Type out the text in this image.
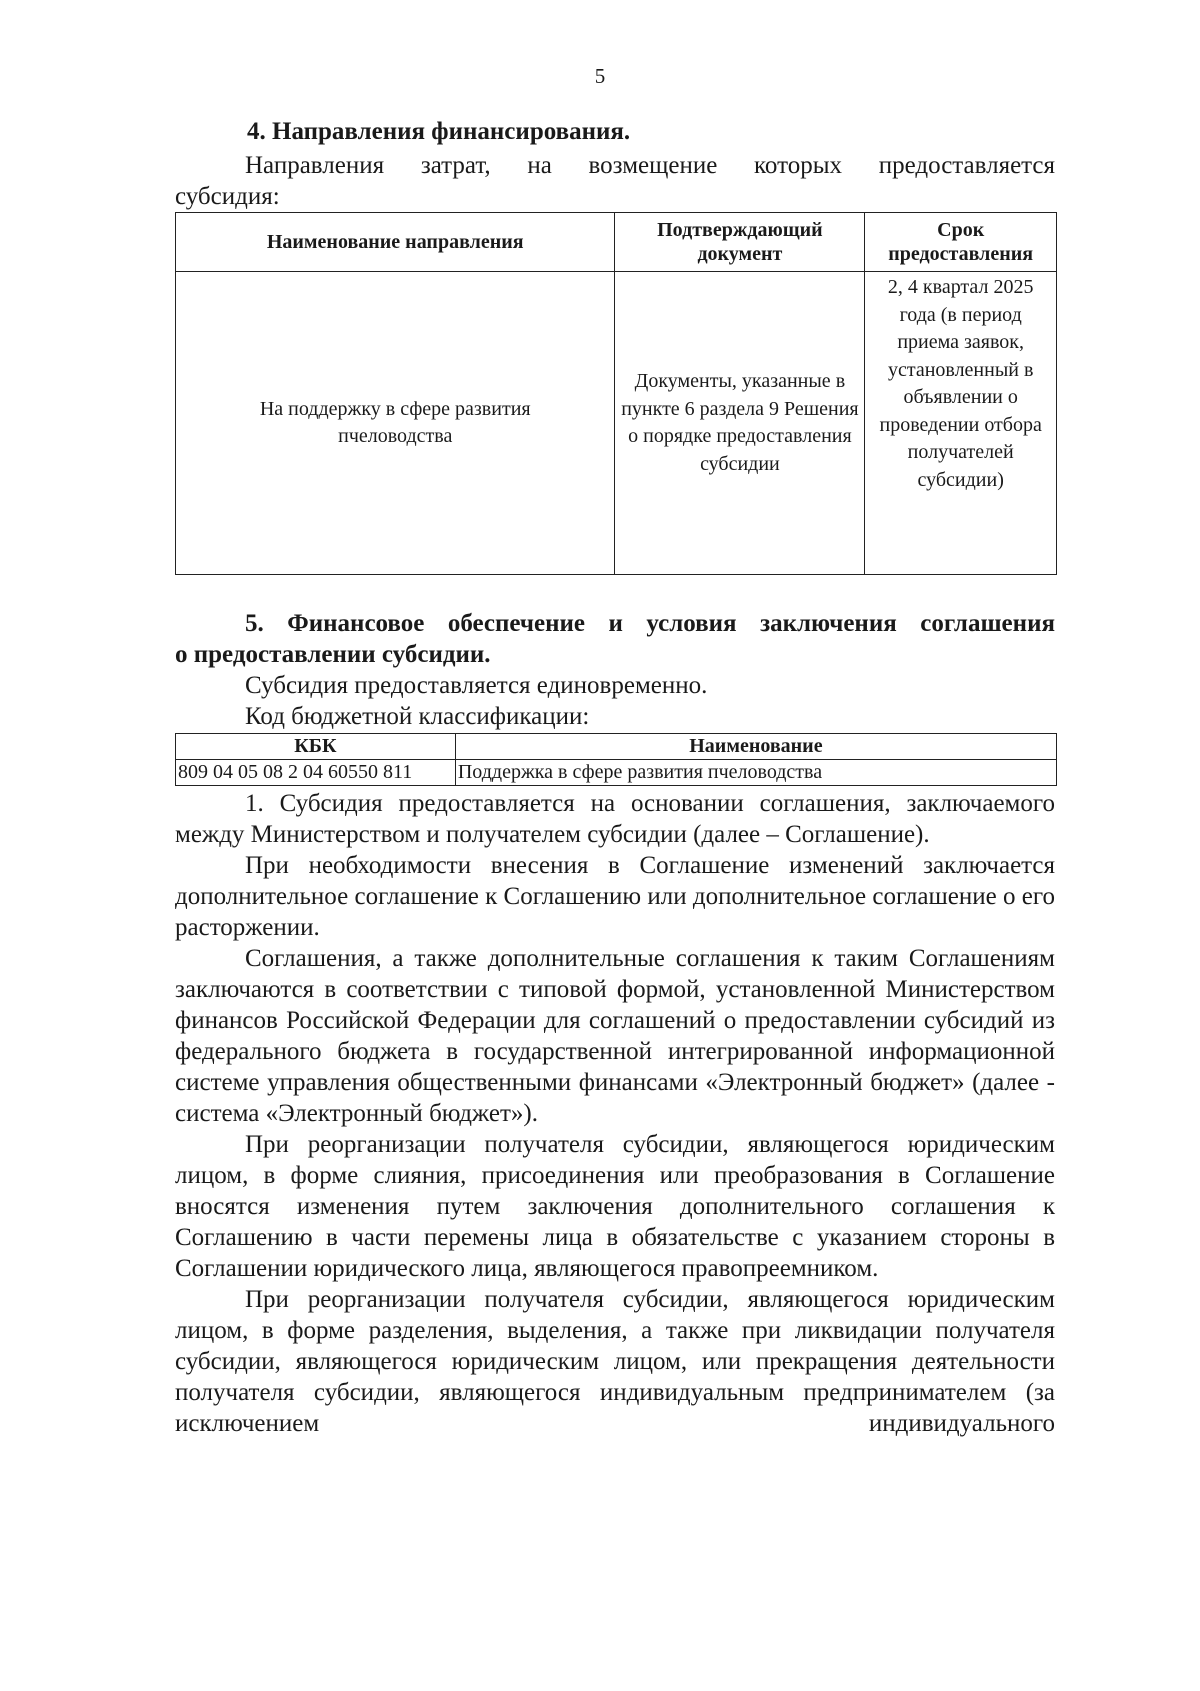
5
4. Направления финансирования.

Направления затрат, на возмещение которых предоставляется

субсидия:

Наименование направления	Подтверждающий документ	Срок предоставления
На поддержку в сфере развития пчеловодства	Документы, указанные в пункте 6 раздела 9 Решения о порядке предоставления субсидии	2, 4 квартал 2025 года (в период приема заявок, установленный в объявлении о проведении отбора получателей субсидии)
5. Финансовое обеспечение и условия заключения соглашения
о предоставлении субсидии.

Субсидия предоставляется единовременно.

Код бюджетной классификации:

КБК	Наименование
809 04 05 08 2 04 60550 811	Поддержка в сфере развития пчеловодства

1. Субсидия предоставляется на основании соглашения, заключаемого между Министерством и получателем субсидии (далее – Соглашение).

При необходимости внесения в Соглашение изменений заключается дополнительное соглашение к Соглашению или дополнительное соглашение о его расторжении.

Соглашения, а также дополнительные соглашения к таким Соглашениям заключаются в соответствии с типовой формой, установленной Министерством финансов Российской Федерации для соглашений о предоставлении субсидий из федерального бюджета в государственной интегрированной информационной системе управления общественными финансами «Электронный бюджет» (далее - система «Электронный бюджет»).

При реорганизации получателя субсидии, являющегося юридическим лицом, в форме слияния, присоединения или преобразования в Соглашение вносятся изменения путем заключения дополнительного соглашения к Соглашению в части перемены лица в обязательстве с указанием стороны в Соглашении юридического лица, являющегося правопреемником.

При реорганизации получателя субсидии, являющегося юридическим лицом, в форме разделения, выделения, а также при ликвидации получателя субсидии, являющегося юридическим лицом, или прекращения деятельности получателя субсидии, являющегося индивидуальным предпринимателем (за исключением индивидуального
